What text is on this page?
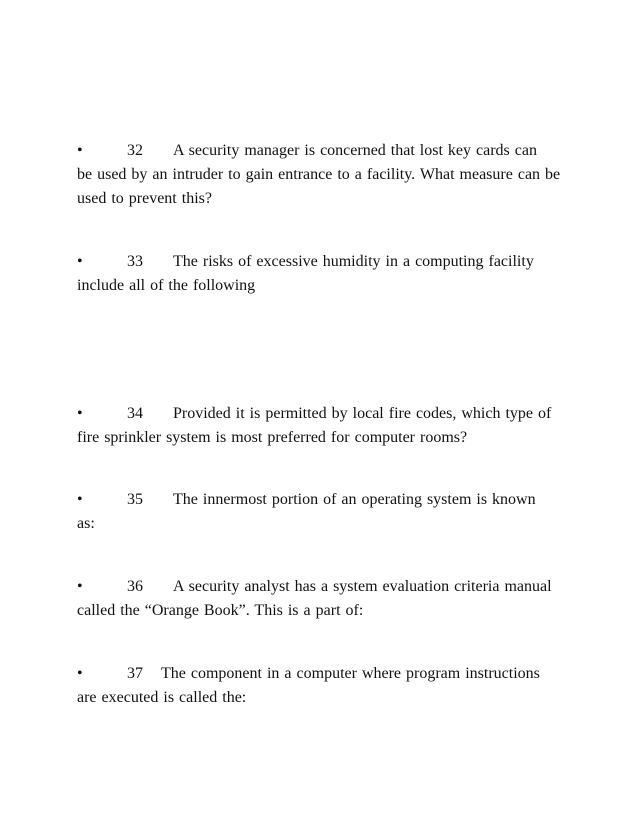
•	32 A security manager is concerned that lost key cards can
be used by an intruder to gain entrance to a facility. What measure can be used to prevent this?
•	33 The risks of excessive humidity in a computing facility
include all of the following
•	34 Provided it is permitted by local fire codes, which type of
fire sprinkler system is most preferred for computer rooms?
•	35 The innermost portion of an operating system is known
as:
•	36 A security analyst has a system evaluation criteria manual
called the “Orange Book”. This is a part of:
•	37 The component in a computer where program instructions
are executed is called the:
